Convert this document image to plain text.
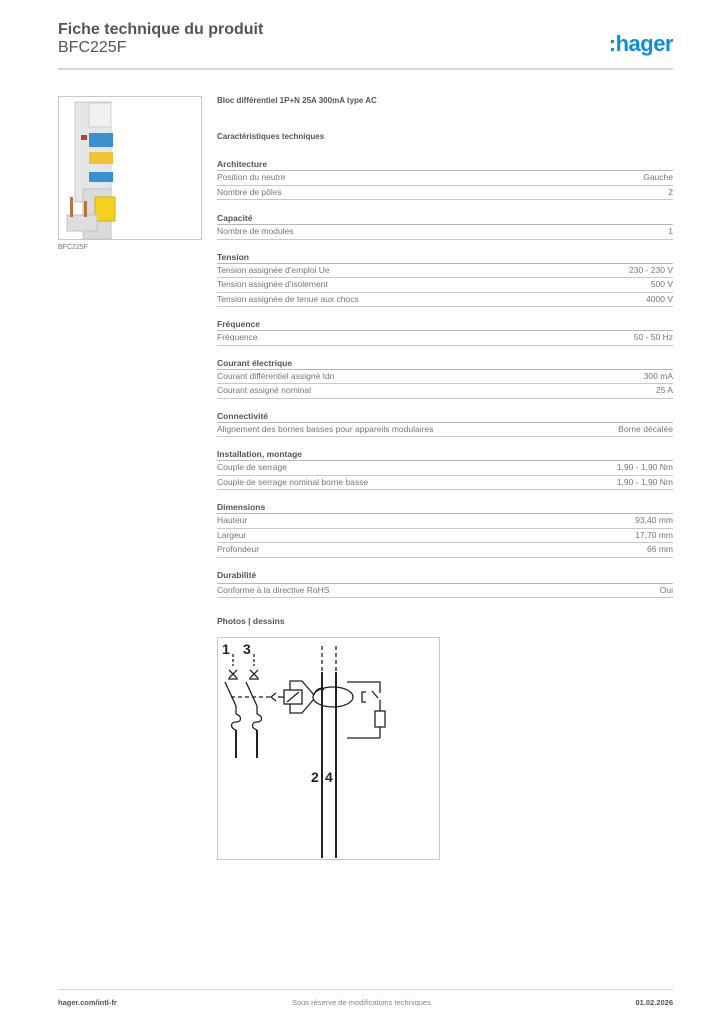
Fiche technique du produit
BFC225F	:hager
BFC225F
Bloc différentiel 1P+N 25A 300mA type AC
Caractéristiques techniques
Architecture
Position du neutre	Gauche
Nombre de pôles	2
Capacité
Nombre de modules	1
Tension
Tension assignée d'emploi Ue	230 - 230 V
Tension assignée d'isolement	500 V
Tension assignée de tenue aux chocs	4000 V
Fréquence
Fréquence	50 - 50 Hz
Courant électrique
Courant différentiel assigné Idn	300 mA
Courant assigné nominal	25 A
Connectivité
Alignement des bornes basses pour appareils modulaires	Borne décalée
Installation, montage
Couple de serrage	1,90 - 1,90 Nm
Couple de serrage nominal borne basse	1,90 - 1,90 Nm
Dimensions
Hauteur	93,40 mm
Largeur	17,70 mm
Profondeur	66 mm
Durabilité
Conforme à la directive RoHS	Oui
Photos | dessins
1 3
2 4
hager.com/intl-fr	Sous réserve de modifications techniques	01.02.2026
